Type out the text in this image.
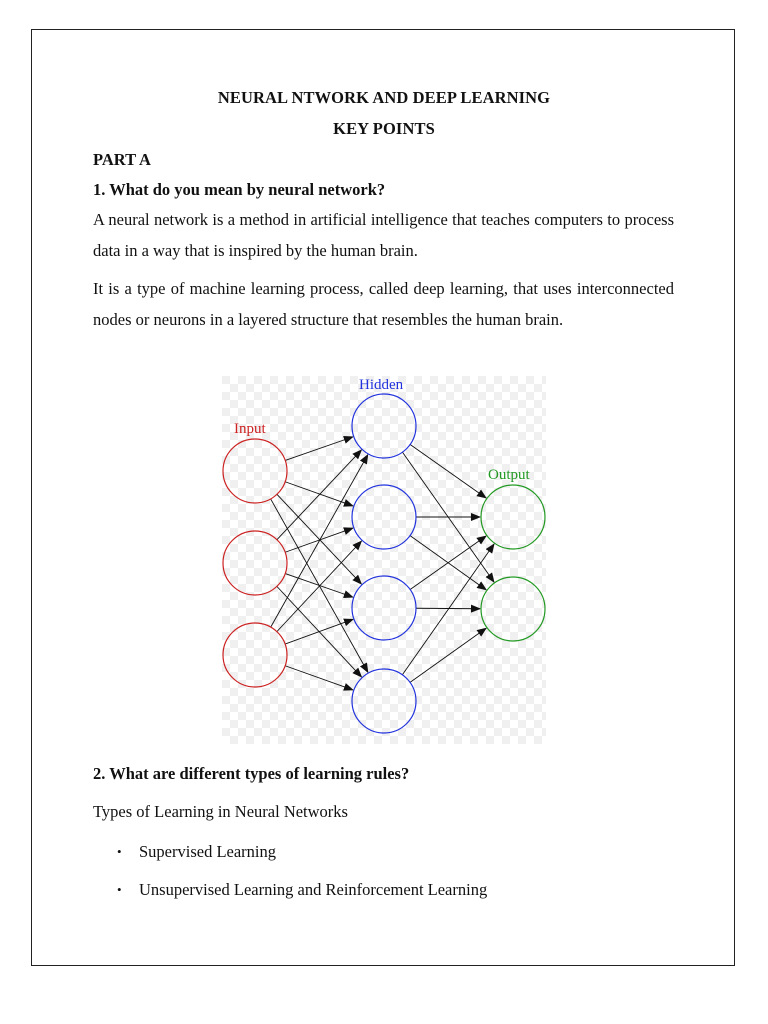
NEURAL NTWORK AND DEEP LEARNING
KEY POINTS
PART A
1. What do you mean by neural network?
A neural network is a method in artificial intelligence that teaches computers to process data in a way that is inspired by the human brain.
It is a type of machine learning process, called deep learning, that uses interconnected nodes or neurons in a layered structure that resembles the human brain.
Input
Hidden
Output
2. What are different types of learning rules?
Types of Learning in Neural Networks
• Supervised Learning
• Unsupervised Learning and Reinforcement Learning
